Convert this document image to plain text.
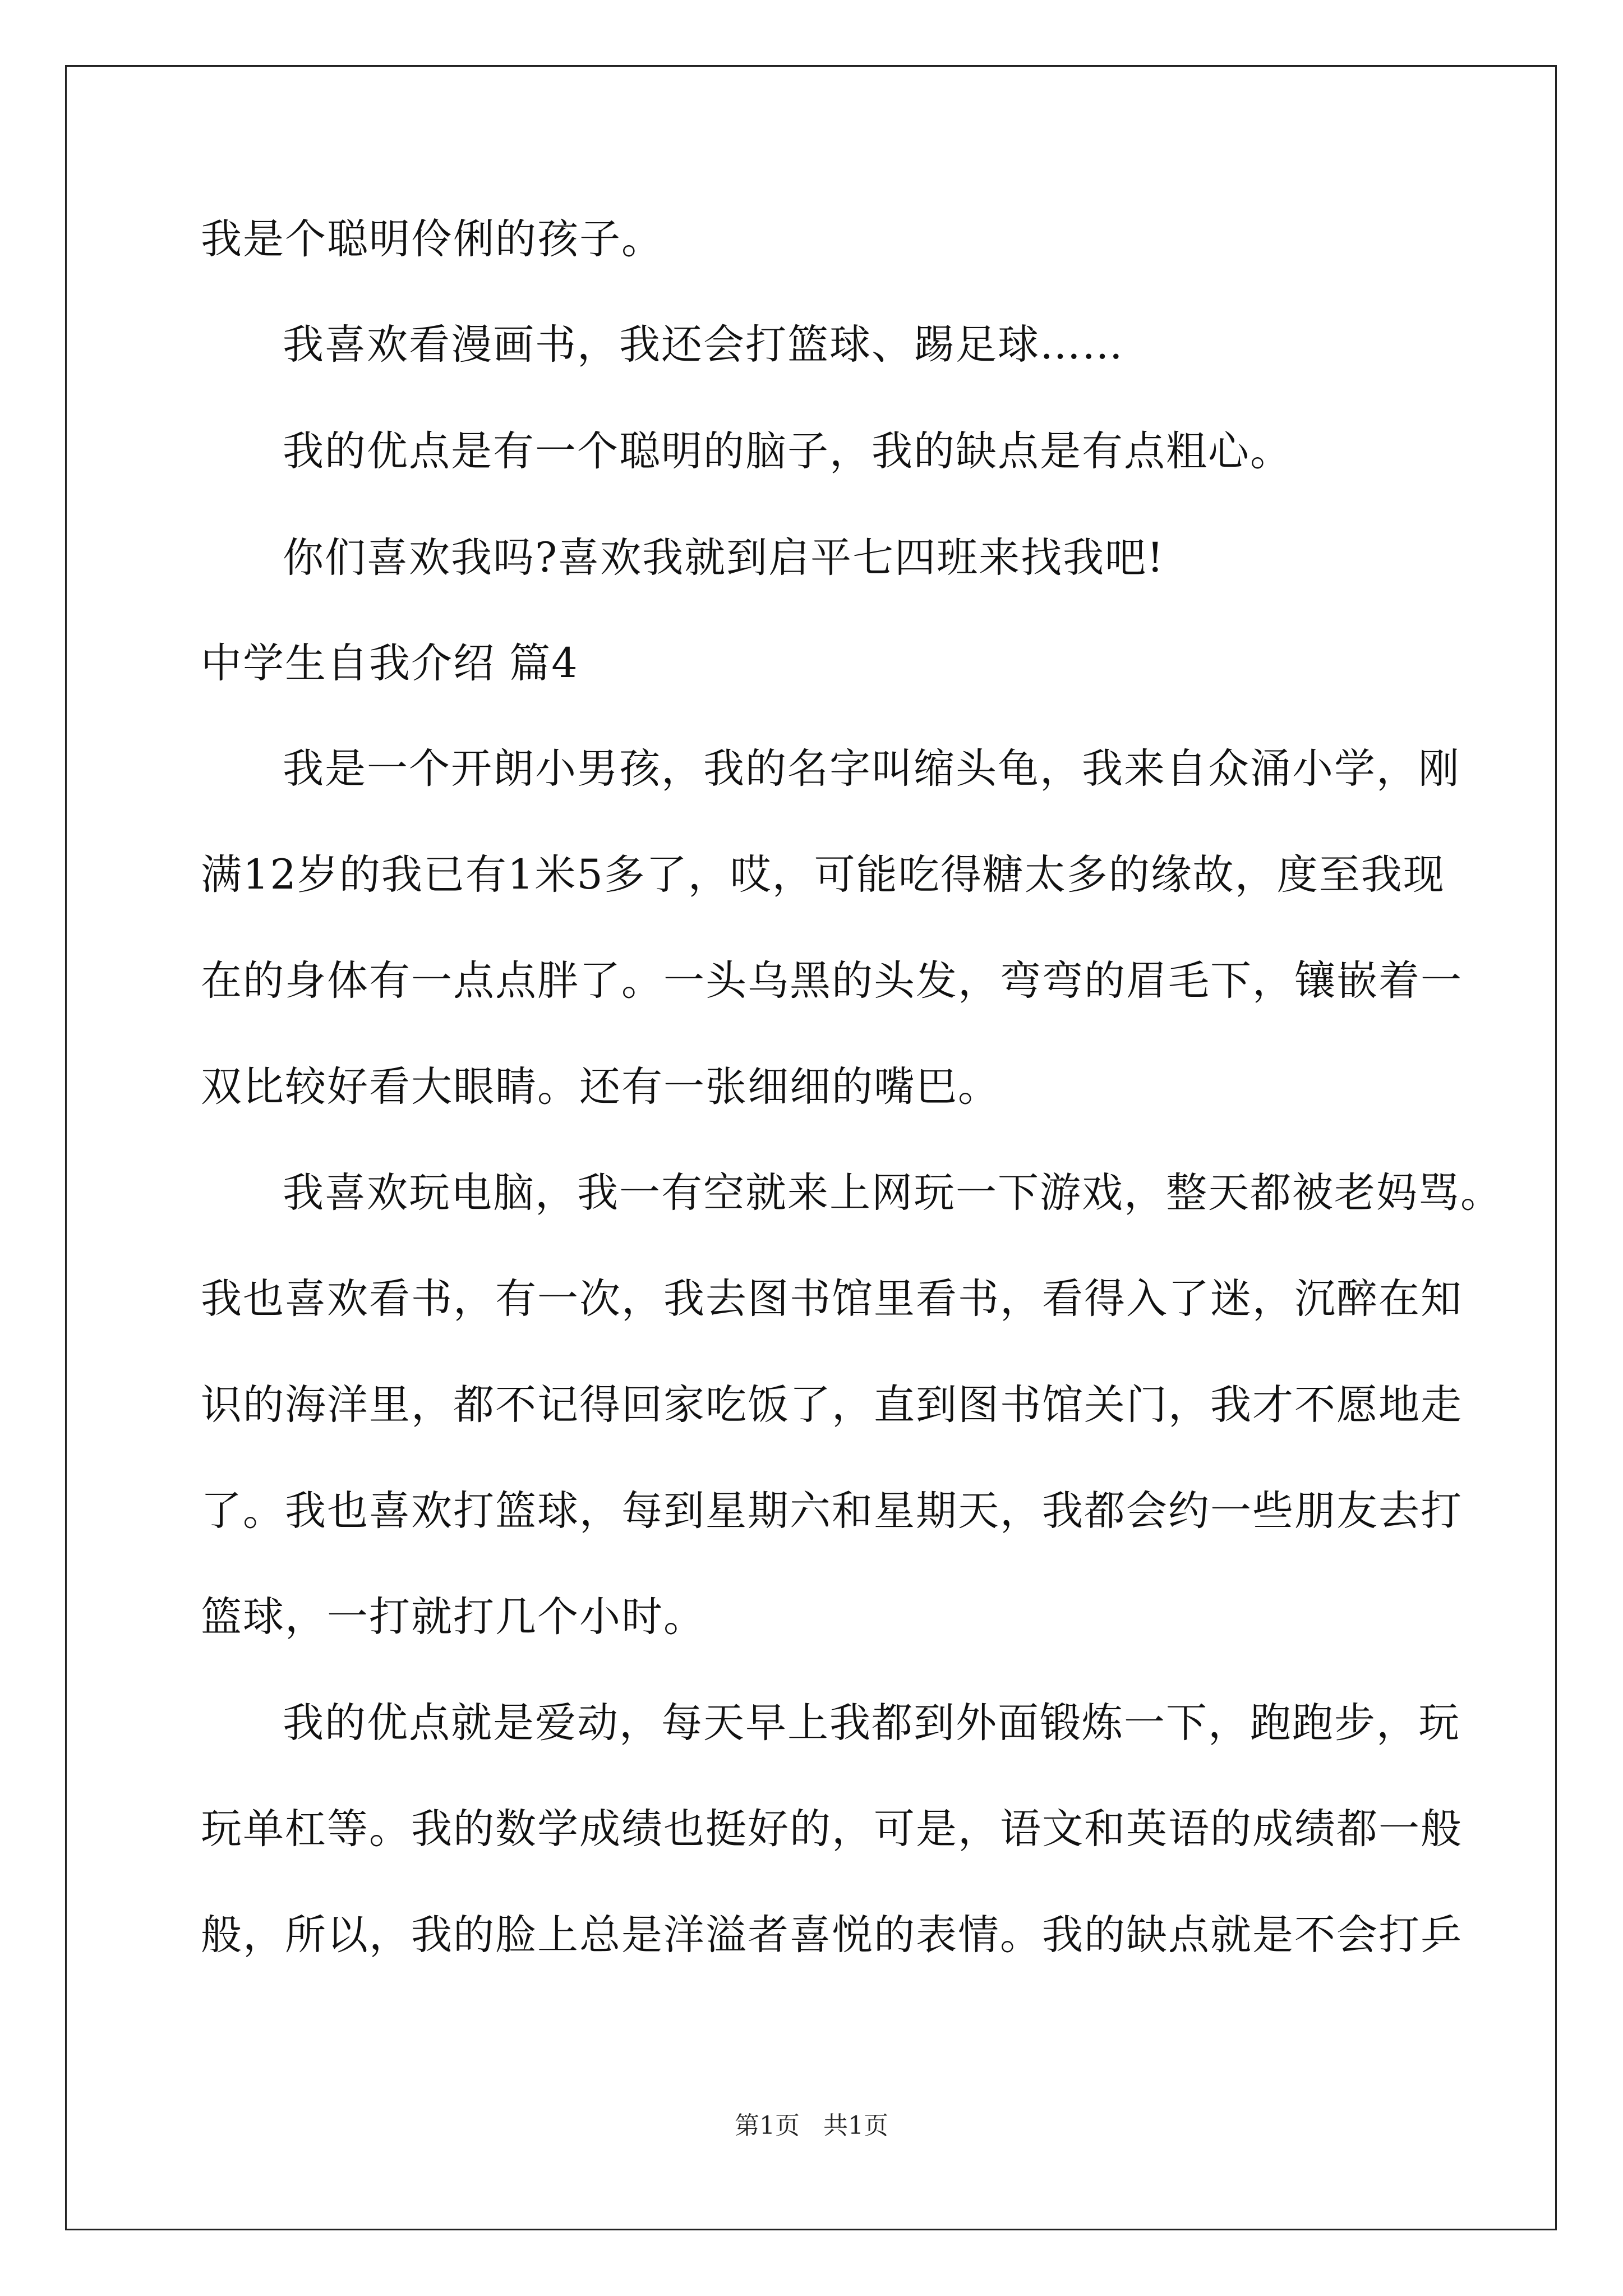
我是个聪明伶俐的孩子。
我喜欢看漫画书，我还会打篮球、踢足球……
我的优点是有一个聪明的脑子，我的缺点是有点粗心。
你们喜欢我吗?喜欢我就到启平七四班来找我吧!
中学生自我介绍 篇4
我是一个开朗小男孩，我的名字叫缩头龟，我来自众涌小学，刚
满12岁的我已有1米5多了，哎，可能吃得糖太多的缘故，度至我现
在的身体有一点点胖了。一头乌黑的头发，弯弯的眉毛下，镶嵌着一
双比较好看大眼睛。还有一张细细的嘴巴。
我喜欢玩电脑，我一有空就来上网玩一下游戏，整天都被老妈骂。
我也喜欢看书，有一次，我去图书馆里看书，看得入了迷，沉醉在知
识的海洋里，都不记得回家吃饭了，直到图书馆关门，我才不愿地走
了。我也喜欢打篮球，每到星期六和星期天，我都会约一些朋友去打
篮球，一打就打几个小时。
我的优点就是爱动，每天早上我都到外面锻炼一下，跑跑步，玩
玩单杠等。我的数学成绩也挺好的，可是，语文和英语的成绩都一般
般，所以，我的脸上总是洋溢者喜悦的表情。我的缺点就是不会打乒
第1页 共1页
